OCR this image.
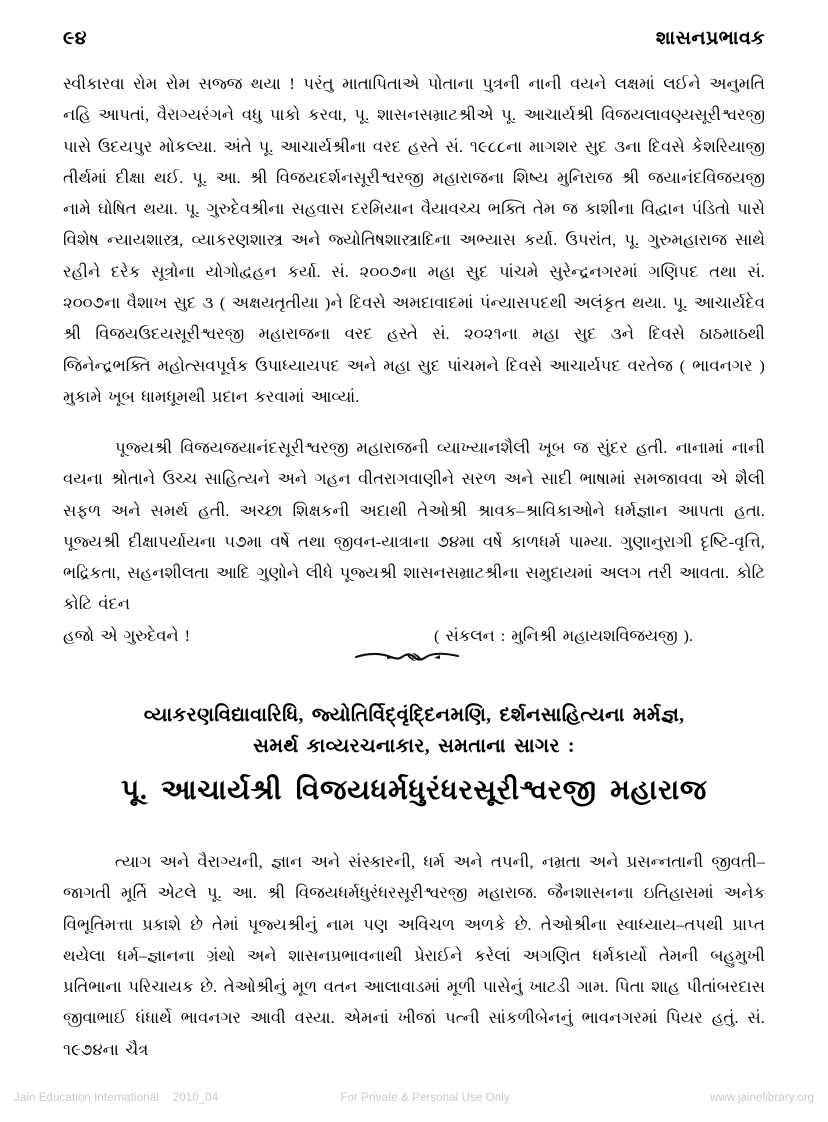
૯૪	શાસનપ્રભાવક

સ્વીકારવા રોમ રોમ સજ્જ થયા ! પરંતુ માતાપિતાએ પોતાના પુત્રની નાની વયને લક્ષમાં લઈને અનુમતિ નહિ આપતાં, વૈરાગ્યરંગને વધુ પાકો કરવા, પૂ. શાસનસમ્રાટશ્રીએ પૂ. આચાર્યશ્રી વિજયલાવણ્યસૂરીશ્વરજી પાસે ઉદયપુર મોકલ્યા. અંતે પૂ. આચાર્યશ્રીના વરદ હસ્તે સં. ૧૯૮૮ના માગશર સુદ ૩ના દિવસે કેશરિયાજી તીર્થમાં દીક્ષા થઈ. પૂ. આ. શ્રી વિજયદર્શનસૂરીશ્વરજી મહારાજના શિષ્ય મુનિરાજ શ્રી જયાનંદવિજયજી નામે ઘોષિત થયા. પૂ. ગુરુદેવશ્રીના સહવાસ દરમિયાન વૈયાવચ્ચ ભક્તિ તેમ જ કાશીના વિદ્વાન પંડિતો પાસે વિશેષ ન્યાયશાસ્ત્ર, વ્યાકરણશાસ્ત્ર અને જ્યોતિષશાસ્ત્રાદિના અભ્યાસ કર્યા. ઉપરાંત, પૂ. ગુરુમહારાજ સાથે રહીને દરેક સૂત્રોના યોગોદ્વહન કર્યા. સં. ૨૦૦૭ના મહા સુદ પાંચમે સુરેન્દ્રનગરમાં ગણિપદ તથા સં. ૨૦૦૭ના વૈશાખ સુદ ૩ ( અક્ષયતૃતીયા )ને દિવસે અમદાવાદમાં પંન્યાસપદથી અલંકૃત થયા. પૂ. આચાર્યદેવ શ્રી વિજયઉદયસૂરીશ્વરજી મહારાજના વરદ હસ્તે સં. ૨૦૨૧ના મહા સુદ ૩ને દિવસે ઠાઠમાઠથી જિનેન્દ્રભક્તિ મહોત્સવપૂર્વક ઉપાધ્યાયપદ અને મહા સુદ પાંચમને દિવસે આચાર્યપદ વરતેજ ( ભાવનગર ) મુકામે ખૂબ ધામધૂમથી પ્રદાન કરવામાં આવ્યાં.

પૂજ્યશ્રી વિજયજયાનંદસૂરીશ્વરજી મહારાજની વ્યાખ્યાનશૈલી ખૂબ જ સુંદર હતી. નાનામાં નાની વયના શ્રોતાને ઉચ્ચ સાહિત્યને અને ગહન વીતરાગવાણીને સરળ અને સાદી ભાષામાં સમજાવવા એ શૈલી સફળ અને સમર્થ હતી. અચ્છા શિક્ષકની અદાથી તેઓશ્રી શ્રાવક–શ્રાવિકાઓને ધર્મજ્ઞાન આપતા હતા. પૂજ્યશ્રી દીક્ષાપર્યાયના ૫૭મા વર્ષે તથા જીવન-યાત્રાના ૭૪મા વર્ષે કાળધર્મ પામ્યા. ગુણાનુરાગી દૃષ્ટિ-વૃત્તિ, ભદ્રિકતા, સહનશીલતા આદિ ગુણોને લીધે પૂજ્યશ્રી શાસનસમ્રાટશ્રીના સમુદાયમાં અલગ તરી આવતા. કોટિ કોટિ વંદન

હજો એ ગુરુદેવને !	( સંકલન : મુનિશ્રી મહાયશવિજયજી ).

વ્યાકરણવિદ્યાવારિધિ, જ્યોતિર્વિદ્‌વૃંદ્દિનમણિ, દર્શનસાહિત્યના મર્મજ્ઞ,

સમર્થ કાવ્યરચનાકાર, સમતાના સાગર :

પૂ. આચાર્યશ્રી વિજયધર્મધુરંધરસૂરીશ્વરજી મહારાજ

ત્યાગ અને વૈરાગ્યની, જ્ઞાન અને સંસ્કારની, ધર્મ અને તપની, નમ્રતા અને પ્રસન્નતાની જીવતી–જાગતી મૂર્તિ એટલે પૂ. આ. શ્રી વિજયધર્મધુરંધરસૂરીશ્વરજી મહારાજ. જૈનશાસનના ઇતિહાસમાં અનેક વિભૂતિમત્તા પ્રકાશે છે તેમાં પૂજ્યશ્રીનું નામ પણ અવિચળ અળકે છે. તેઓશ્રીના સ્વાધ્યાય–તપથી પ્રાપ્ત થયેલા ધર્મ–જ્ઞાનના ગ્રંથો અને શાસનપ્રભાવનાથી પ્રેરાઈને કરેલાં અગણિત ધર્મકાર્યો તેમની બહુમુખી પ્રતિભાના પરિચાયક છે. તેઓશ્રીનું મૂળ વતન આલાવાડમાં મૂળી પાસેનું ખાટડી ગામ. પિતા શાહ પીતાંબરદાસ જીવાભાઈ ધંધાર્થે ભાવનગર આવી વસ્યા. એમનાં ખીજાં પત્ની સાંકળીબેનનું ભાવનગરમાં પિયર હતું. સં. ૧૯૭૪ના ચૈત્ર

Jain Education International 2010_04	For Private & Personal Use Only	www.jainelibrary.org
